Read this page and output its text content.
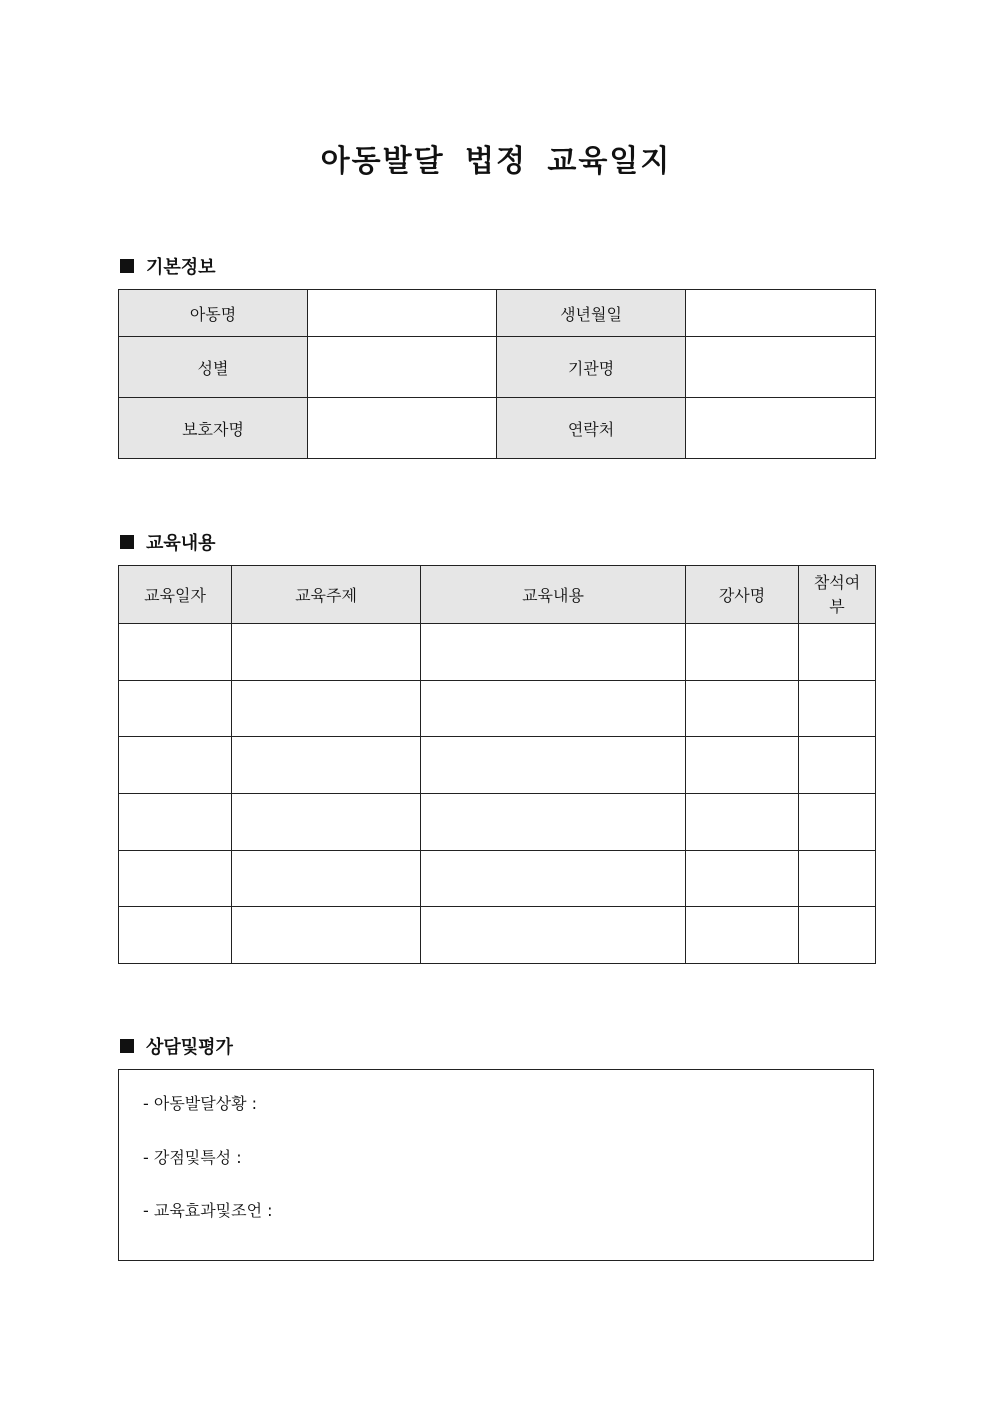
아동발달 법정 교육일지
기본정보
아동명		생년월일	
성별		기관명	
보호자명		연락처	
교육내용
교육일자	교육주제	교육내용	강사명	참석여부

상담및평가
- 아동발달상황 :
- 강점및특성 :
- 교육효과및조언 :
